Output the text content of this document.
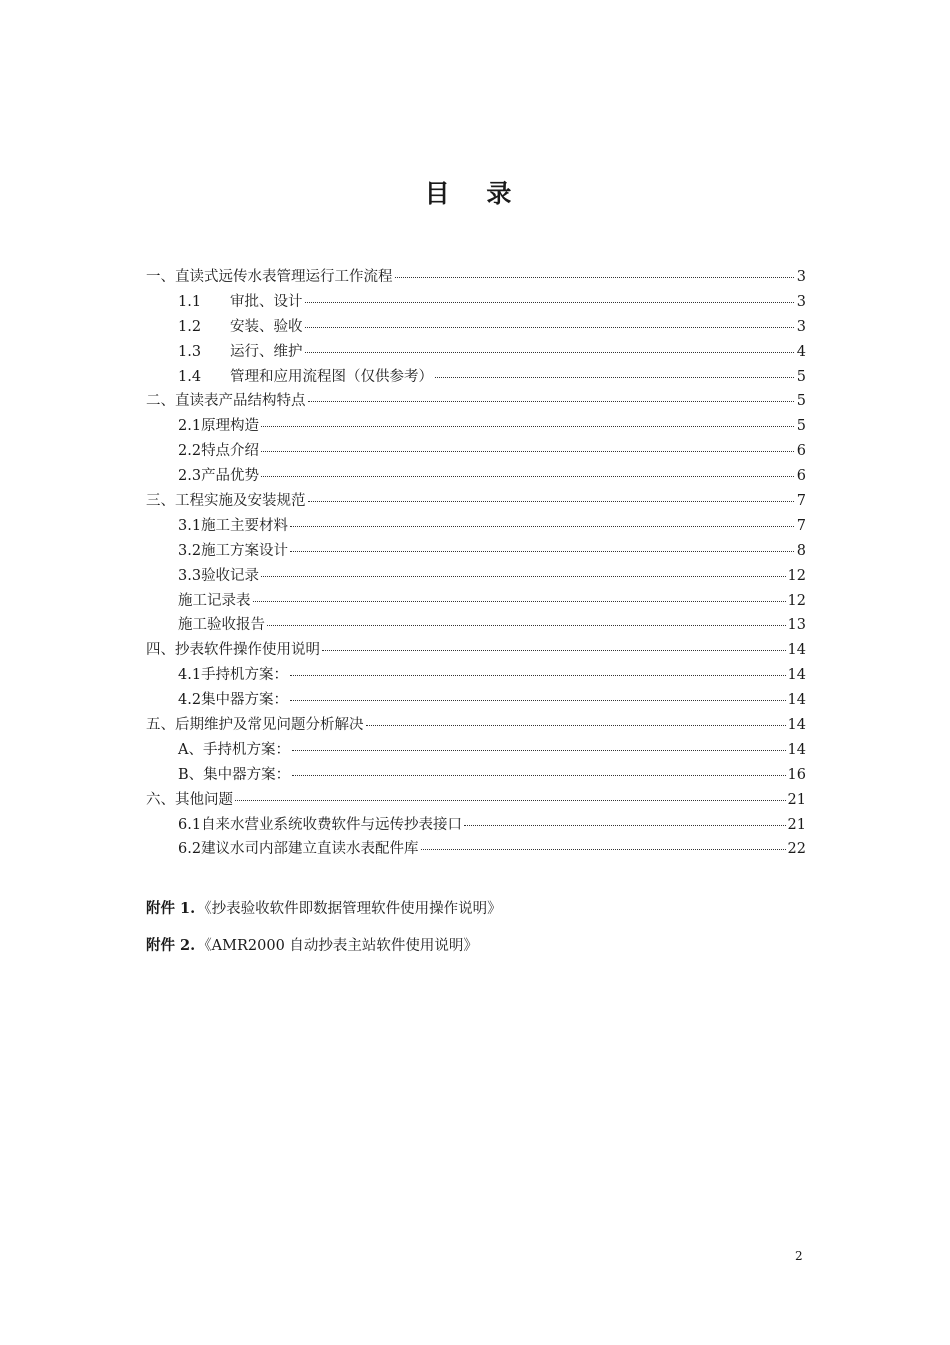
目 录
一、直读式远传水表管理运行工作流程	3
1.1 审批、设计	3
1.2 安装、验收	3
1.3 运行、维护	4
1.4 管理和应用流程图（仅供参考）	5
二、直读表产品结构特点	5
2.1原理构造	5
2.2特点介绍	6
2.3产品优势	6
三、工程实施及安装规范	7
3.1施工主要材料	7
3.2施工方案设计	8
3.3验收记录	12
施工记录表	12
施工验收报告	13
四、抄表软件操作使用说明	14
4.1手持机方案：	14
4.2集中器方案：	14
五、后期维护及常见问题分析解决	14
A、手持机方案：	14
B、集中器方案：	16
六、其他问题	21
6.1自来水营业系统收费软件与远传抄表接口	21
6.2建议水司内部建立直读水表配件库	22

附件 1. 《抄表验收软件即数据管理软件使用操作说明》

附件 2. 《AMR2000 自动抄表主站软件使用说明》

2
